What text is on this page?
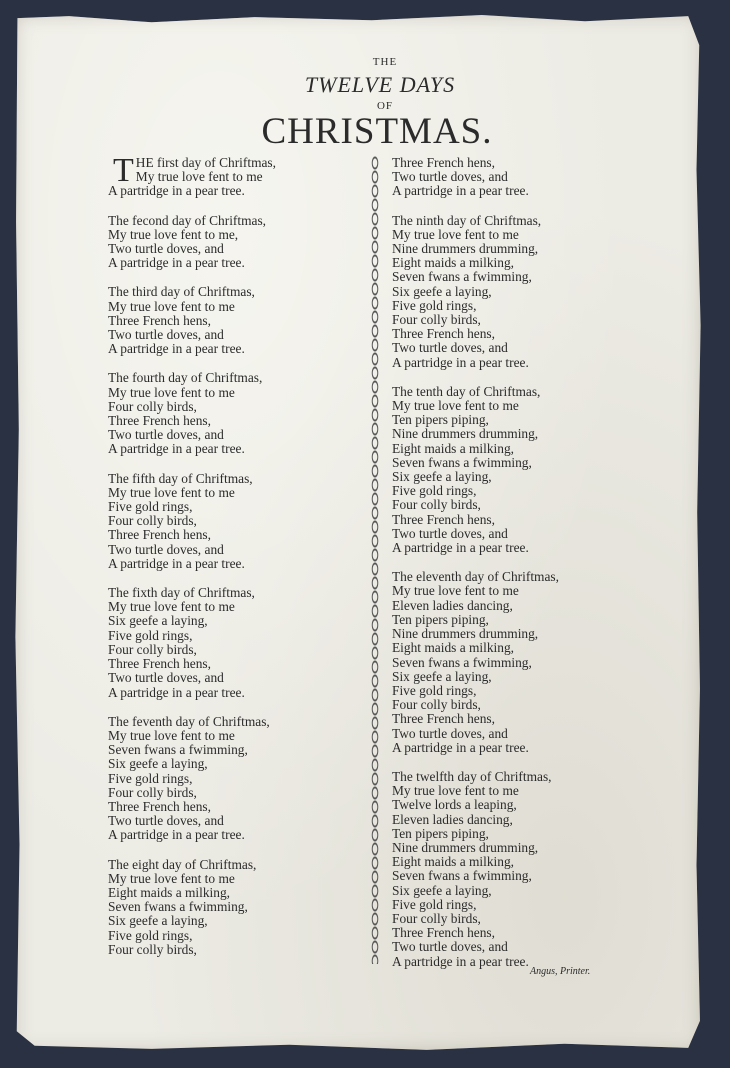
THE
TWELVE DAYS
OF
CHRISTMAS.
T HE first day of Chriftmas,
My true love fent to me
A partridge in a pear tree.
The fecond day of Chriftmas,
My true love fent to me,
Two turtle doves, and
A partridge in a pear tree.
The third day of Chriftmas,
My true love fent to me
Three French hens,
Two turtle doves, and
A partridge in a pear tree.
The fourth day of Chriftmas,
My true love fent to me
Four colly birds,
Three French hens,
Two turtle doves, and
A partridge in a pear tree.
The fifth day of Chriftmas,
My true love fent to me
Five gold rings,
Four colly birds,
Three French hens,
Two turtle doves, and
A partridge in a pear tree.
The fixth day of Chriftmas,
My true love fent to me
Six geefe a laying,
Five gold rings,
Four colly birds,
Three French hens,
Two turtle doves, and
A partridge in a pear tree.
The feventh day of Chriftmas,
My true love fent to me
Seven fwans a fwimming,
Six geefe a laying,
Five gold rings,
Four colly birds,
Three French hens,
Two turtle doves, and
A partridge in a pear tree.
The eight day of Chriftmas,
My true love fent to me
Eight maids a milking,
Seven fwans a fwimming,
Six geefe a laying,
Five gold rings,
Four colly birds,
Three French hens,
Two turtle doves, and
A partridge in a pear tree.
The ninth day of Chriftmas,
My true love fent to me
Nine drummers drumming,
Eight maids a milking,
Seven fwans a fwimming,
Six geefe a laying,
Five gold rings,
Four colly birds,
Three French hens,
Two turtle doves, and
A partridge in a pear tree.
The tenth day of Chriftmas,
My true love fent to me
Ten pipers piping,
Nine drummers drumming,
Eight maids a milking,
Seven fwans a fwimming,
Six geefe a laying,
Five gold rings,
Four colly birds,
Three French hens,
Two turtle doves, and
A partridge in a pear tree.
The eleventh day of Chriftmas,
My true love fent to me
Eleven ladies dancing,
Ten pipers piping,
Nine drummers drumming,
Eight maids a milking,
Seven fwans a fwimming,
Six geefe a laying,
Five gold rings,
Four colly birds,
Three French hens,
Two turtle doves, and
A partridge in a pear tree.
The twelfth day of Chriftmas,
My true love fent to me
Twelve lords a leaping,
Eleven ladies dancing,
Ten pipers piping,
Nine drummers drumming,
Eight maids a milking,
Seven fwans a fwimming,
Six geefe a laying,
Five gold rings,
Four colly birds,
Three French hens,
Two turtle doves, and
A partridge in a pear tree.
Angus, Printer.
